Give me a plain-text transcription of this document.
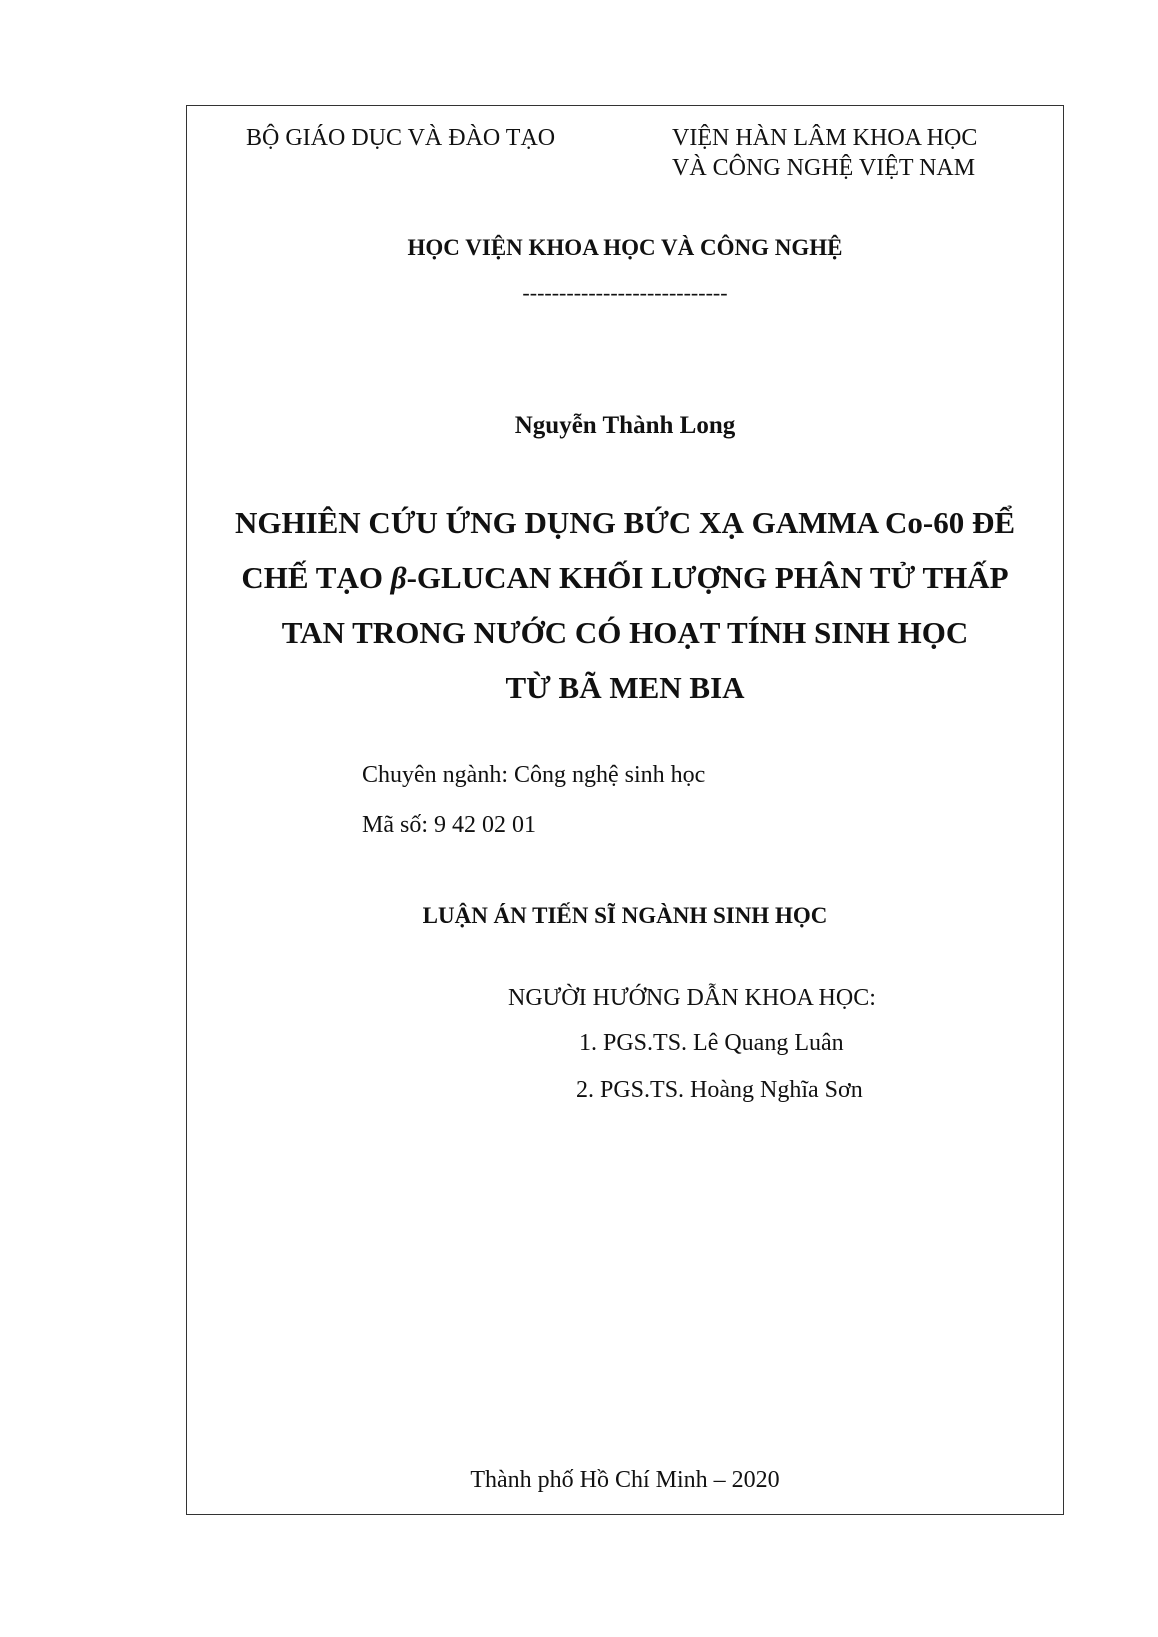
BỘ GIÁO DỤC VÀ ĐÀO TẠO	VIỆN HÀN LÂM KHOA HỌC
VÀ CÔNG NGHỆ VIỆT NAM
HỌC VIỆN KHOA HỌC VÀ CÔNG NGHỆ
----------------------------
Nguyễn Thành Long
NGHIÊN CỨU ỨNG DỤNG BỨC XẠ GAMMA Co-60 ĐỂ
CHẾ TẠO β-GLUCAN KHỐI LƯỢNG PHÂN TỬ THẤP
TAN TRONG NƯỚC CÓ HOẠT TÍNH SINH HỌC
TỪ BÃ MEN BIA
Chuyên ngành: Công nghệ sinh học
Mã số: 9 42 02 01
LUẬN ÁN TIẾN SĨ NGÀNH SINH HỌC
NGƯỜI HƯỚNG DẪN KHOA HỌC:
1. PGS.TS. Lê Quang Luân
2. PGS.TS. Hoàng Nghĩa Sơn
Thành phố Hồ Chí Minh – 2020
